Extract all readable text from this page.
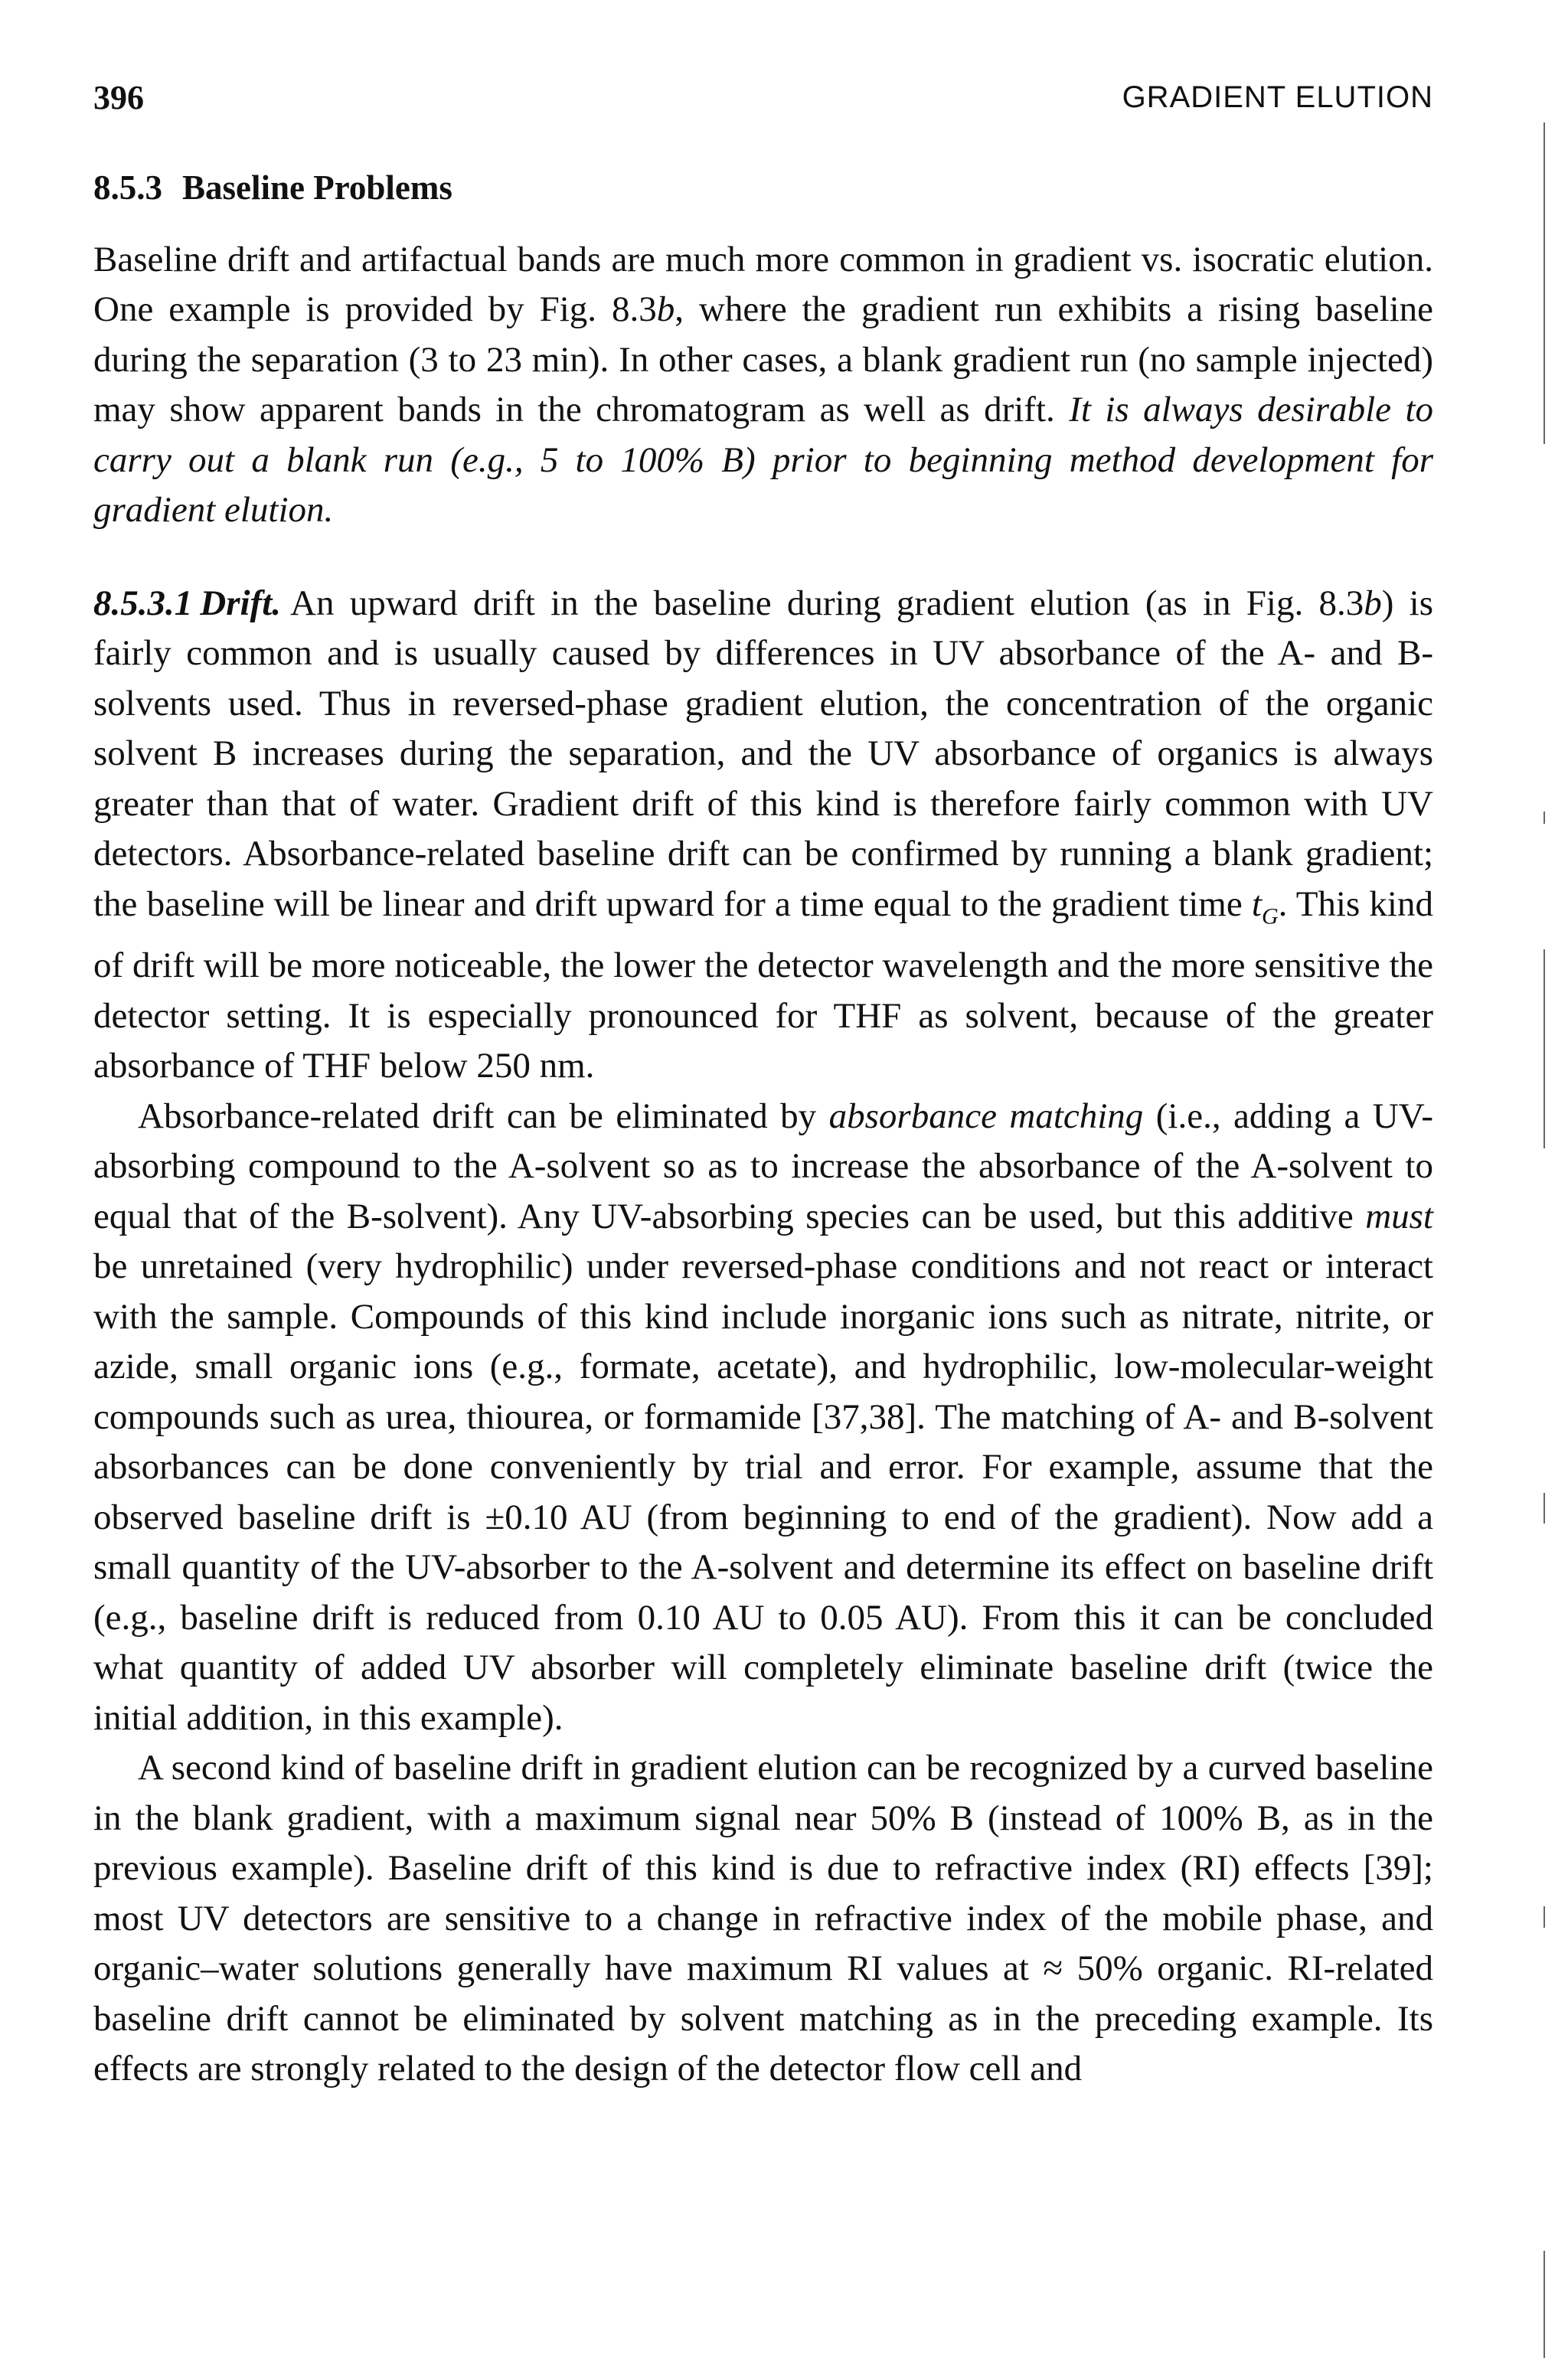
396	GRADIENT ELUTION
8.5.3 Baseline Problems

Baseline drift and artifactual bands are much more common in gradient vs. isocratic elution. One example is provided by Fig. 8.3b, where the gradient run exhibits a rising baseline during the separation (3 to 23 min). In other cases, a blank gradient run (no sample injected) may show apparent bands in the chromatogram as well as drift. It is always desirable to carry out a blank run (e.g., 5 to 100% B) prior to beginning method development for gradient elution.

8.5.3.1 Drift. An upward drift in the baseline during gradient elution (as in Fig. 8.3b) is fairly common and is usually caused by differences in UV absorbance of the A- and B-solvents used. Thus in reversed-phase gradient elution, the concentration of the organic solvent B increases during the separation, and the UV absorbance of organics is always greater than that of water. Gradient drift of this kind is therefore fairly common with UV detectors. Absorbance-related baseline drift can be confirmed by running a blank gradient; the baseline will be linear and drift upward for a time equal to the gradient time $t_G$. This kind of drift will be more noticeable, the lower the detector wavelength and the more sensitive the detector setting. It is especially pronounced for THF as solvent, because of the greater absorbance of THF below 250 nm.

Absorbance-related drift can be eliminated by absorbance matching (i.e., adding a UV-absorbing compound to the A-solvent so as to increase the absorbance of the A-solvent to equal that of the B-solvent). Any UV-absorbing species can be used, but this additive must be unretained (very hydrophilic) under reversed-phase conditions and not react or interact with the sample. Compounds of this kind include inorganic ions such as nitrate, nitrite, or azide, small organic ions (e.g., formate, acetate), and hydrophilic, low-molecular-weight compounds such as urea, thiourea, or formamide [37,38]. The matching of A- and B-solvent absorbances can be done conveniently by trial and error. For example, assume that the observed baseline drift is ±0.10 AU (from beginning to end of the gradient). Now add a small quantity of the UV-absorber to the A-solvent and determine its effect on baseline drift (e.g., baseline drift is reduced from 0.10 AU to 0.05 AU). From this it can be concluded what quantity of added UV absorber will completely eliminate baseline drift (twice the initial addition, in this example).

A second kind of baseline drift in gradient elution can be recognized by a curved baseline in the blank gradient, with a maximum signal near 50% B (instead of 100% B, as in the previous example). Baseline drift of this kind is due to refractive index (RI) effects [39]; most UV detectors are sensitive to a change in refractive index of the mobile phase, and organic–water solutions generally have maximum RI values at ≈ 50% organic. RI-related baseline drift cannot be eliminated by solvent matching as in the preceding example. Its effects are strongly related to the design of the detector flow cell and
